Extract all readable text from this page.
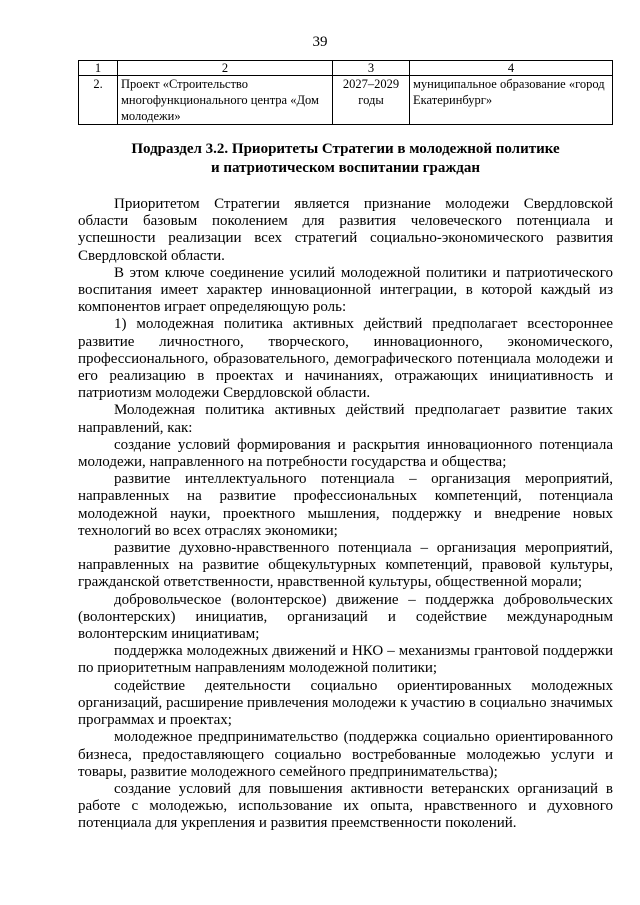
39
1	2	3	4
2.	Проект «Строительство многофункционального центра «Дом молодежи»	2027–2029 годы	муниципальное образование «город Екатеринбург»
Подраздел 3.2. Приоритеты Стратегии в молодежной политике
и патриотическом воспитании граждан

Приоритетом Стратегии является признание молодежи Свердловской области базовым поколением для развития человеческого потенциала и успешности реализации всех стратегий социально-экономического развития Свердловской области.

В этом ключе соединение усилий молодежной политики и патриотического воспитания имеет характер инновационной интеграции, в которой каждый из компонентов играет определяющую роль:

1) молодежная политика активных действий предполагает всестороннее развитие личностного, творческого, инновационного, экономического, профессионального, образовательного, демографического потенциала молодежи и его реализацию в проектах и начинаниях, отражающих инициативность и патриотизм молодежи Свердловской области.

Молодежная политика активных действий предполагает развитие таких направлений, как:

создание условий формирования и раскрытия инновационного потенциала молодежи, направленного на потребности государства и общества;

развитие интеллектуального потенциала – организация мероприятий, направленных на развитие профессиональных компетенций, потенциала молодежной науки, проектного мышления, поддержку и внедрение новых технологий во всех отраслях экономики;

развитие духовно-нравственного потенциала – организация мероприятий, направленных на развитие общекультурных компетенций, правовой культуры, гражданской ответственности, нравственной культуры, общественной морали;

добровольческое (волонтерское) движение – поддержка добровольческих (волонтерских) инициатив, организаций и содействие международным волонтерским инициативам;

поддержка молодежных движений и НКО – механизмы грантовой поддержки по приоритетным направлениям молодежной политики;

содействие деятельности социально ориентированных молодежных организаций, расширение привлечения молодежи к участию в социально значимых программах и проектах;

молодежное предпринимательство (поддержка социально ориентированного бизнеса, предоставляющего социально востребованные молодежью услуги и товары, развитие молодежного семейного предпринимательства);

создание условий для повышения активности ветеранских организаций в работе с молодежью, использование их опыта, нравственного и духовного потенциала для укрепления и развития преемственности поколений.
